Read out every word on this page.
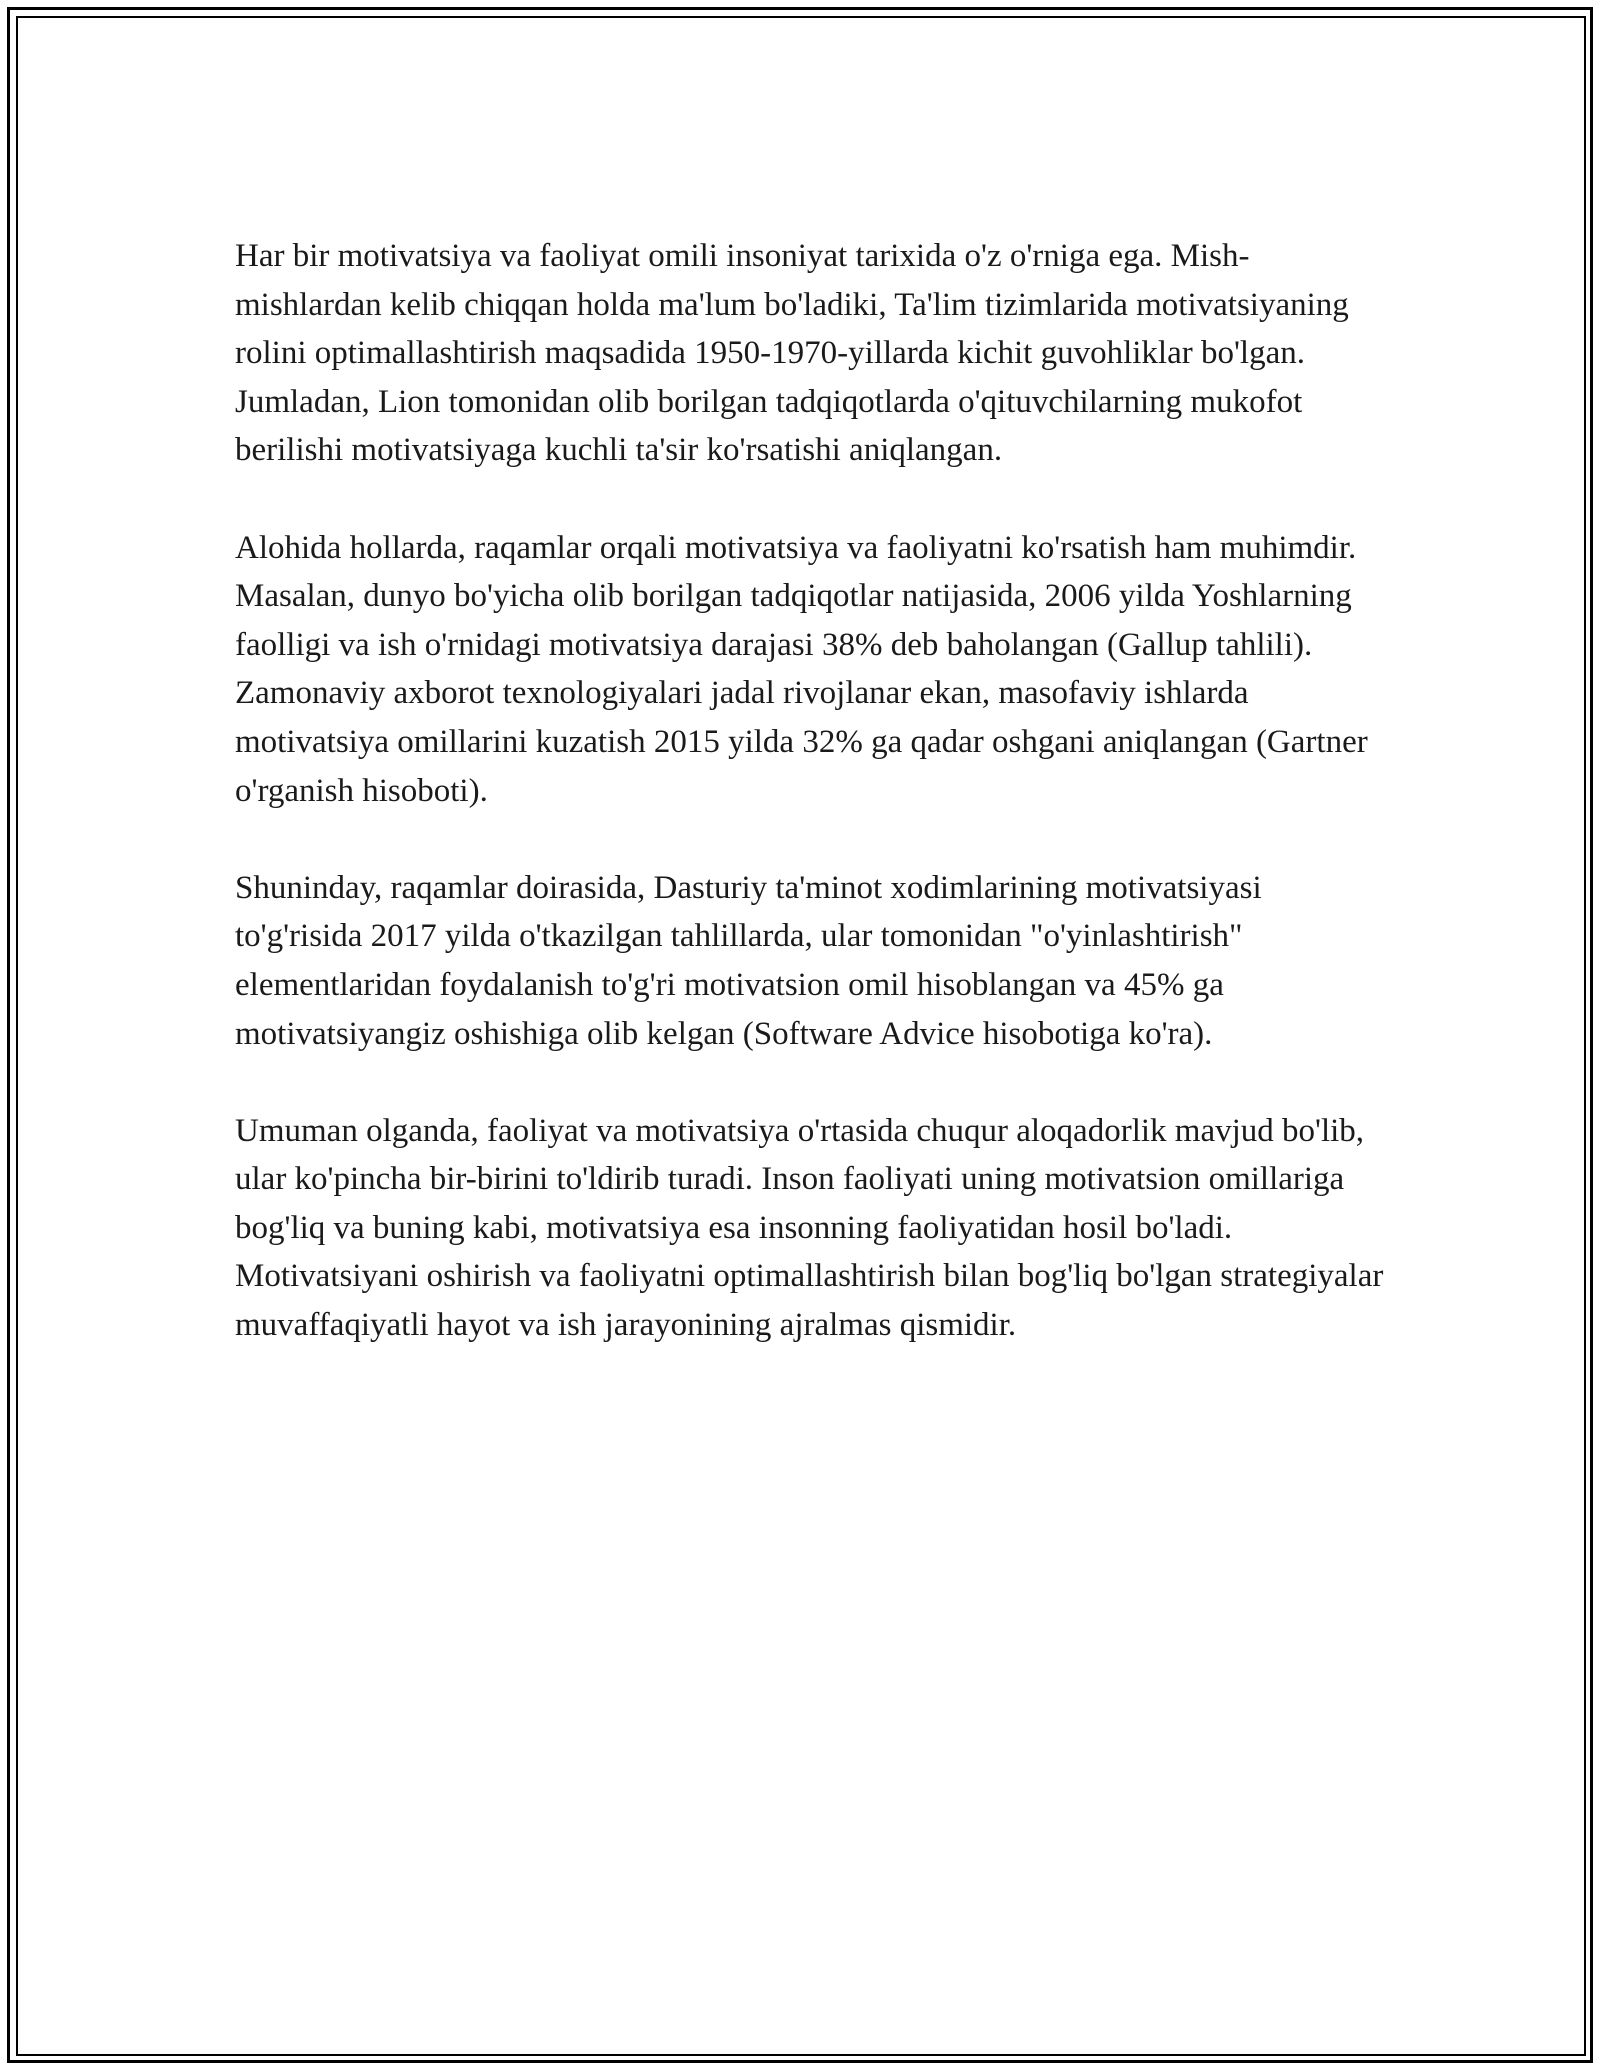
Har bir motivatsiya va faoliyat omili insoniyat tarixida o'z o'rniga ega. Mish-mishlardan kelib chiqqan holda ma'lum bo'ladiki, Ta'lim tizimlarida motivatsiyaning rolini optimallashtirish maqsadida 1950-1970-yillarda kichit guvohliklar bo'lgan. Jumladan, Lion tomonidan olib borilgan tadqiqotlarda o'qituvchilarning mukofot berilishi motivatsiyaga kuchli ta'sir ko'rsatishi aniqlangan.

Alohida hollarda, raqamlar orqali motivatsiya va faoliyatni ko'rsatish ham muhimdir. Masalan, dunyo bo'yicha olib borilgan tadqiqotlar natijasida, 2006 yilda Yoshlarning faolligi va ish o'rnidagi motivatsiya darajasi 38% deb baholangan (Gallup tahlili). Zamonaviy axborot texnologiyalari jadal rivojlanar ekan, masofaviy ishlarda motivatsiya omillarini kuzatish 2015 yilda 32% ga qadar oshgani aniqlangan (Gartner o'rganish hisoboti).

Shuninday, raqamlar doirasida, Dasturiy ta'minot xodimlarining motivatsiyasi to'g'risida 2017 yilda o'tkazilgan tahlillarda, ular tomonidan "o'yinlashtirish" elementlaridan foydalanish to'g'ri motivatsion omil hisoblangan va 45% ga motivatsiyangiz oshishiga olib kelgan (Software Advice hisobotiga ko'ra).

Umuman olganda, faoliyat va motivatsiya o'rtasida chuqur aloqadorlik mavjud bo'lib, ular ko'pincha bir-birini to'ldirib turadi. Inson faoliyati uning motivatsion omillariga bog'liq va buning kabi, motivatsiya esa insonning faoliyatidan hosil bo'ladi. Motivatsiyani oshirish va faoliyatni optimallashtirish bilan bog'liq bo'lgan strategiyalar muvaffaqiyatli hayot va ish jarayonining ajralmas qismidir.
